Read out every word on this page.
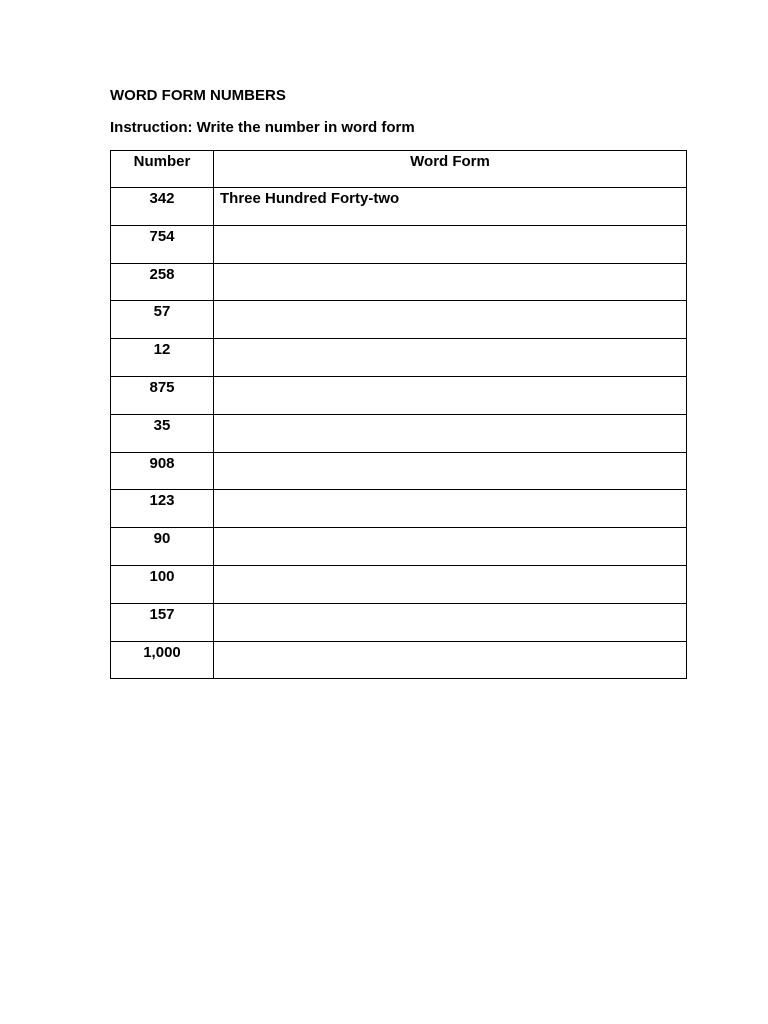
WORD FORM NUMBERS
Instruction: Write the number in word form
Number	Word Form
342	Three Hundred Forty-two
754	
258	
57	
12	
875	
35	
908	
123	
90	
100	
157	
1,000	
